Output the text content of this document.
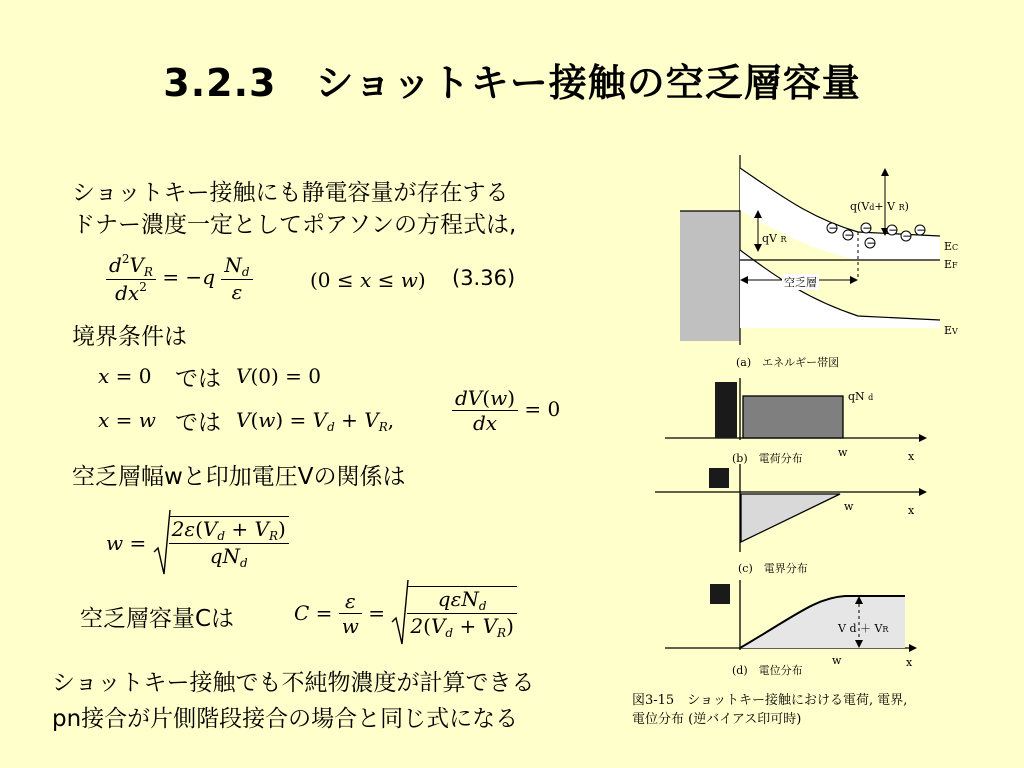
3.2.3　ショットキー接触の空乏層容量
ショットキー接触にも静電容量が存在する
ドナー濃度一定としてポアソンの方程式は,
$\frac{d^2V_R}{dx^2} = -q \frac{N_d}{\varepsilon}$	(0 ≤ x ≤ w) (3.36)
境界条件は
x = 0 では V(0) = 0
x = w では $V(w) = V_d + V_R$,	$\frac{dV(w)}{dx} = 0$
空乏層幅wと印加電圧Vの関係は
$w = \frac{2\varepsilon(V_d + V_R)}{qN_d}$
空乏層容量Cは	$C = \frac{\varepsilon}{w} = \frac{q\varepsilon N_d}{2(V_d + V_R)}$
ショットキー接触でも不純物濃度が計算できる
pn接合が片側階段接合の場合と同じ式になる
− − −
−
− − −
q(Vd+ V R)
qV R
EC
EF
EV
空乏層
(a)　エネルギー帯図
qN d
w	x
(b)　電荷分布
w	x
(c)　電界分布
V d ＋ VR
w	x
(d)　電位分布
図3-15　ショットキー接触における電荷, 電界,
電位分布 (逆バイアス印可時)
